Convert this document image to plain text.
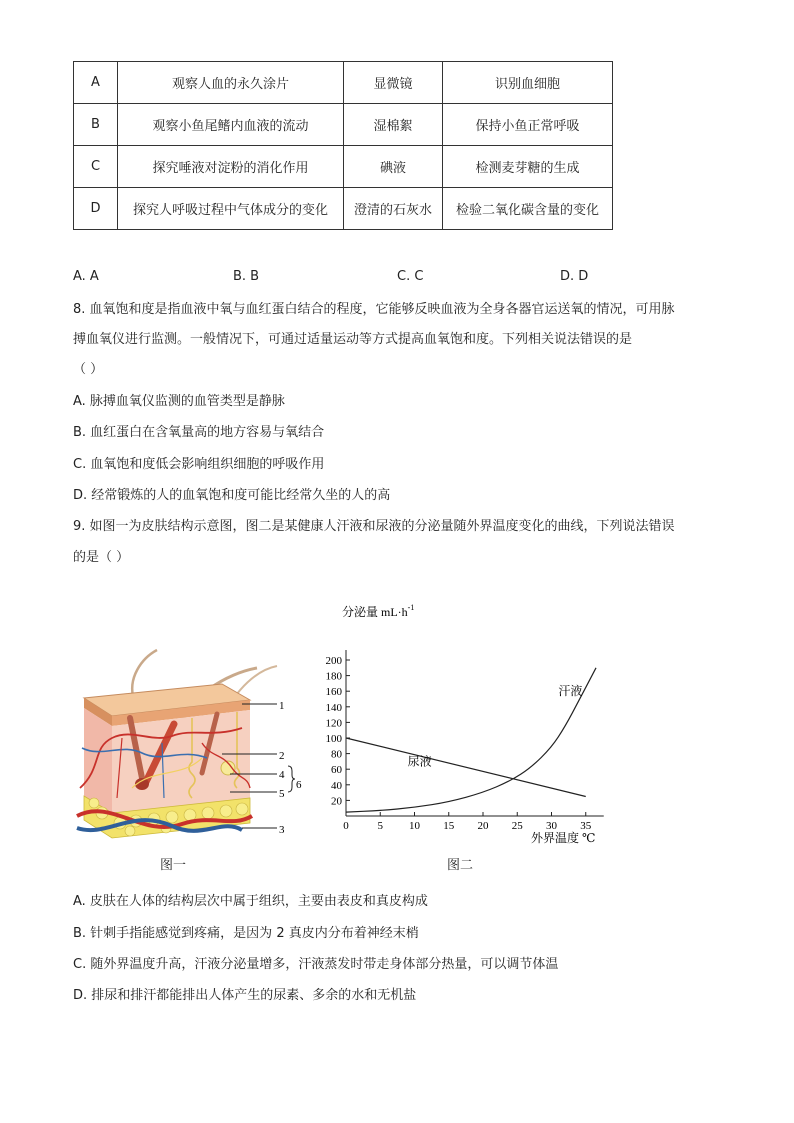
A	观察人血的永久涂片	显微镜	识别血细胞
B	观察小鱼尾鳍内血液的流动	湿棉絮	保持小鱼正常呼吸
C	探究唾液对淀粉的消化作用	碘液	检测麦芽糖的生成
D	探究人呼吸过程中气体成分的变化	澄清的石灰水	检验二氧化碳含量的变化
A. A	B. B	C. C	D. D
8. 血氧饱和度是指血液中氧与血红蛋白结合的程度，它能够反映血液为全身各器官运送氧的情况，可用脉
搏血氧仪进行监测。一般情况下，可通过适量运动等方式提高血氧饱和度。下列相关说法错误的是
（ ）
A. 脉搏血氧仪监测的血管类型是静脉
B. 血红蛋白在含氧量高的地方容易与氧结合
C. 血氧饱和度低会影响组织细胞的呼吸作用
D. 经常锻炼的人的血氧饱和度可能比经常久坐的人的高
9. 如图一为皮肤结构示意图，图二是某健康人汗液和尿液的分泌量随外界温度变化的曲线，下列说法错误
的是（ ）
1
2
4
5
6
3
图一
0	5 10 15 20 25 30 35
20
40
60
80
100
120
140
160
180
200
汗液
尿液
分泌量 $mL\cdot h^{-1}$
外界温度 ℃
图二
A. 皮肤在人体的结构层次中属于组织，主要由表皮和真皮构成
B. 针刺手指能感觉到疼痛，是因为 2 真皮内分布着神经末梢
C. 随外界温度升高，汗液分泌量增多，汗液蒸发时带走身体部分热量，可以调节体温
D. 排尿和排汗都能排出人体产生的尿素、多余的水和无机盐
